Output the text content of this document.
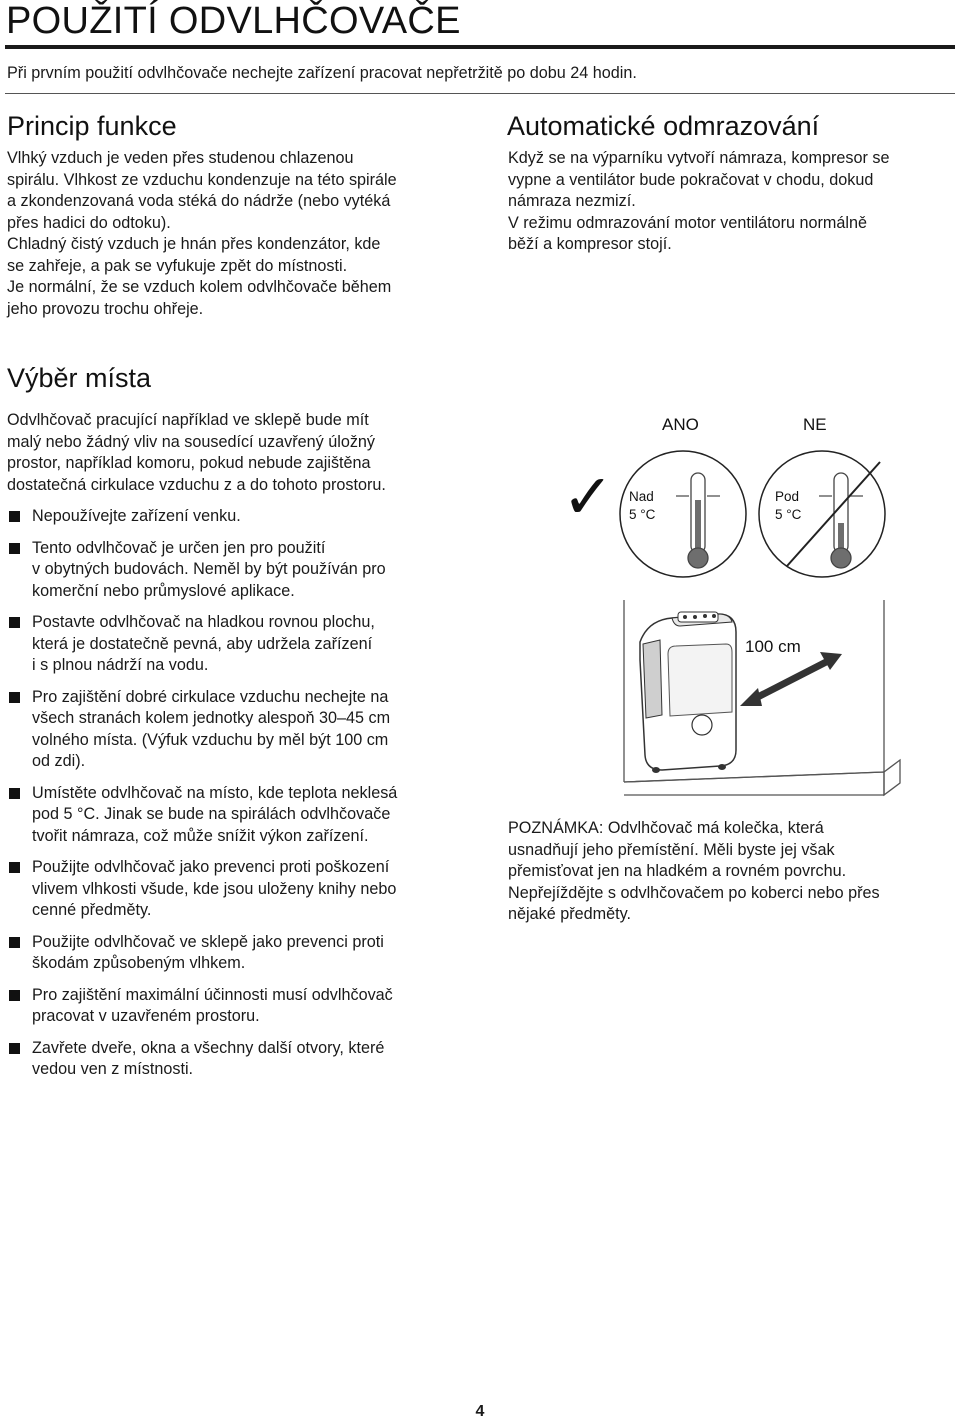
POUŽITÍ ODVLHČOVAČE

Při prvním použití odvlhčovače nechejte zařízení pracovat nepřetržitě po dobu 24 hodin.

Princip funkce
Vlhký vzduch je veden přes studenou chlazenou
spirálu. Vlhkost ze vzduchu kondenzuje na této spirále
a zkondenzovaná voda stéká do nádrže (nebo vytéká
přes hadici do odtoku).
Chladný čistý vzduch je hnán přes kondenzátor, kde
se zahřeje, a pak se vyfukuje zpět do místnosti.
Je normální, že se vzduch kolem odvlhčovače během
jeho provozu trochu ohřeje.
Automatické odmrazování
Když se na výparníku vytvoří námraza, kompresor se
vypne a ventilátor bude pokračovat v chodu, dokud
námraza nezmizí.
V režimu odmrazování motor ventilátoru normálně
běží a kompresor stojí.
Výběr místa
Odvlhčovač pracující například ve sklepě bude mít
malý nebo žádný vliv na sousedící uzavřený úložný
prostor, například komoru, pokud nebude zajištěna
dostatečná cirkulace vzduchu z a do tohoto prostoru.
Nepoužívejte zařízení venku.
Tento odvlhčovač je určen jen pro použití
v obytných budovách. Neměl by být používán pro
komerční nebo průmyslové aplikace.
Postavte odvlhčovač na hladkou rovnou plochu,
která je dostatečně pevná, aby udržela zařízení
i s plnou nádrží na vodu.
Pro zajištění dobré cirkulace vzduchu nechejte na
všech stranách kolem jednotky alespoň 30–45 cm
volného místa. (Výfuk vzduchu by měl být 100 cm
od zdi).
Umístěte odvlhčovač na místo, kde teplota neklesá
pod 5 °C. Jinak se bude na spirálách odvlhčovače
tvořit námraza, což může snížit výkon zařízení.
Použijte odvlhčovač jako prevenci proti poškození
vlivem vlhkosti všude, kde jsou uloženy knihy nebo
cenné předměty.
Použijte odvlhčovač ve sklepě jako prevenci proti
škodám způsobeným vlhkem.
Pro zajištění maximální účinnosti musí odvlhčovač
pracovat v uzavřeném prostoru.
Zavřete dveře, okna a všechny další otvory, které
vedou ven z místnosti.
ANO	NE
✓ Nad
5 °C
Pod
5 °C
100 cm
POZNÁMKA: Odvlhčovač má kolečka, která
usnadňují jeho přemístění. Měli byste jej však
přemisťovat jen na hladkém a rovném povrchu.
Nepřejíždějte s odvlhčovačem po koberci nebo přes
nějaké předměty.
4
